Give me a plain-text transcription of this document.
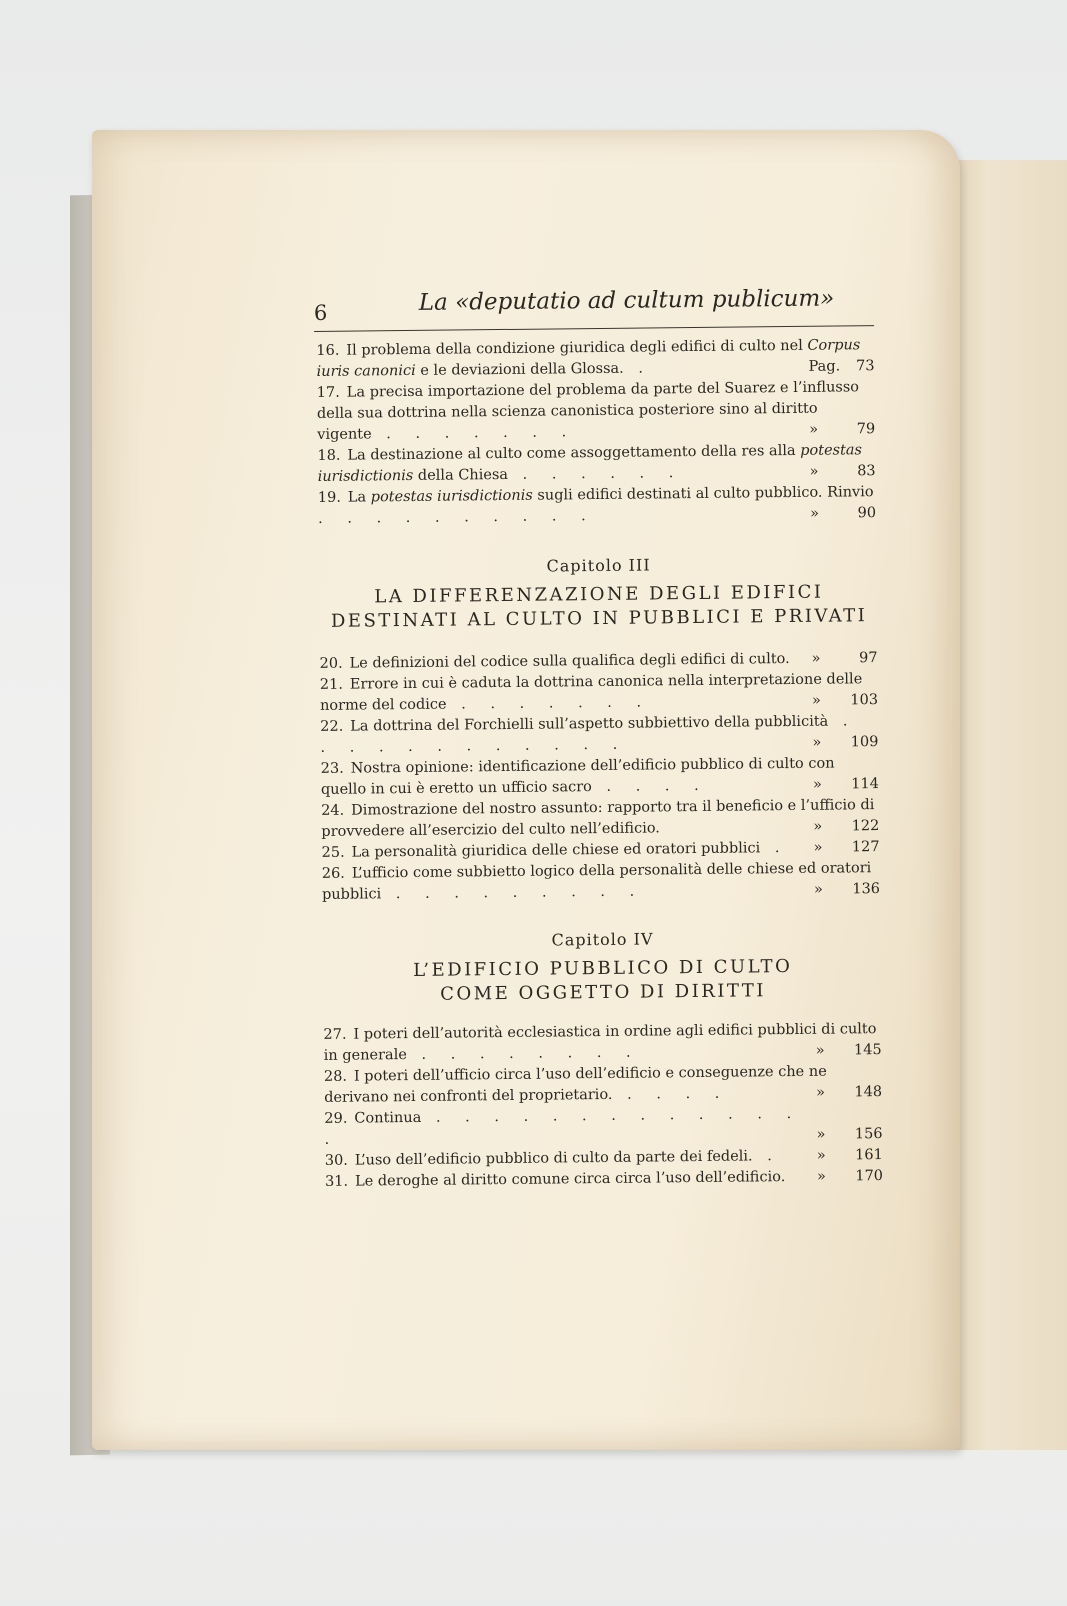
6	La «deputatio ad cultum publicum»
16. Il problema della condizione giuridica degli edifici di culto nel Corpus iuris canonici e le deviazioni della Glossa. .	Pag. 73
17. La precisa importazione del problema da parte del Suarez e l’influsso della sua dottrina nella scienza canonistica posteriore sino al diritto vigente . . . . . . .	»	79
18. La destinazione al culto come assoggettamento della res alla potestas iurisdictionis della Chiesa . . . . . .	»	83
19. La potestas iurisdictionis sugli edifici destinati al culto pubblico. Rinvio . . . . . . . . . .	»	90
Capitolo III
LA DIFFERENZAZIONE DEGLI EDIFICI
DESTINATI AL CULTO IN PUBBLICI E PRIVATI
20. Le definizioni del codice sulla qualifica degli edifici di culto. »	97
21. Errore in cui è caduta la dottrina canonica nella interpretazione delle norme del codice . . . . . . .	» 103
22. La dottrina del Forchielli sull’aspetto subbiettivo della pubblicità . . . . . . . . . . . .	» 109
23. Nostra opinione: identificazione dell’edificio pubblico di culto con quello in cui è eretto un ufficio sacro . . . .	» 114
24. Dimostrazione del nostro assunto: rapporto tra il beneficio e l’ufficio di provvedere all’esercizio del culto nell’edificio.	» 122
25. La personalità giuridica delle chiese ed oratori pubblici . » 127
26. L’ufficio come subbietto logico della personalità delle chiese ed oratori pubblici . . . . . . . . .	» 136
Capitolo IV
L’EDIFICIO PUBBLICO DI CULTO
COME OGGETTO DI DIRITTI
27. I poteri dell’autorità ecclesiastica in ordine agli edifici pubblici di culto in generale . . . . . . . .	» 145
28. I poteri dell’ufficio circa l’uso dell’edificio e conseguenze che ne derivano nei confronti del proprietario. . . . .	» 148
29. Continua . . . . . . . . . . . . . .	» 156
30. L’uso dell’edificio pubblico di culto da parte dei fedeli. . » 161
31. Le deroghe al diritto comune circa circa l’uso dell’edificio. » 170
